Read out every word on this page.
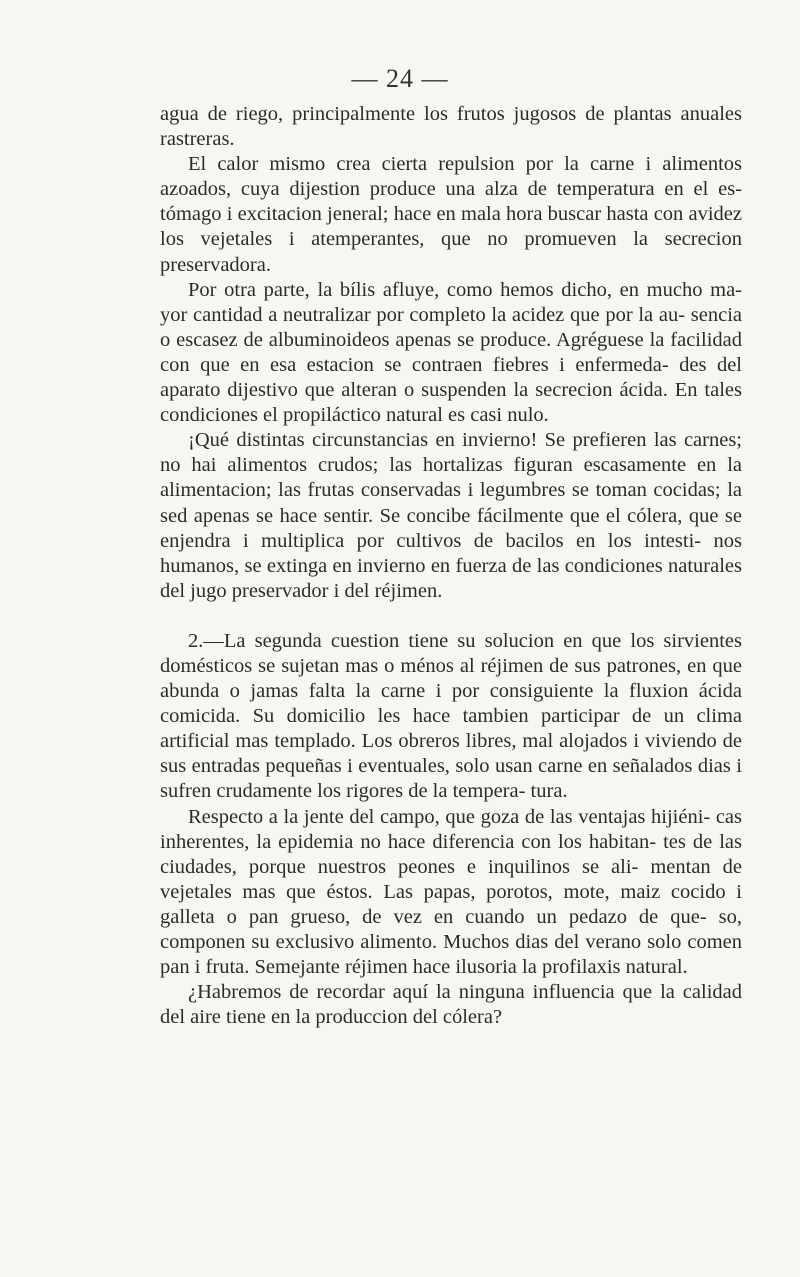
— 24 —

agua de riego, principalmente los frutos jugosos de plantas anuales rastreras.

El calor mismo crea cierta repulsion por la carne i alimentos azoados, cuya dijestion produce una alza de temperatura en el es- tómago i excitacion jeneral; hace en mala hora buscar hasta con avidez los vejetales i atemperantes, que no promueven la secrecion preservadora.

Por otra parte, la bílis afluye, como hemos dicho, en mucho ma- yor cantidad a neutralizar por completo la acidez que por la au- sencia o escasez de albuminoideos apenas se produce. Agréguese la facilidad con que en esa estacion se contraen fiebres i enfermeda- des del aparato dijestivo que alteran o suspenden la secrecion ácida. En tales condiciones el propiláctico natural es casi nulo.

¡Qué distintas circunstancias en invierno! Se prefieren las carnes; no hai alimentos crudos; las hortalizas figuran escasamente en la alimentacion; las frutas conservadas i legumbres se toman cocidas; la sed apenas se hace sentir. Se concibe fácilmente que el cólera, que se enjendra i multiplica por cultivos de bacilos en los intesti- nos humanos, se extinga en invierno en fuerza de las condiciones naturales del jugo preservador i del réjimen.

2.—La segunda cuestion tiene su solucion en que los sirvientes domésticos se sujetan mas o ménos al réjimen de sus patrones, en que abunda o jamas falta la carne i por consiguiente la fluxion ácida comicida. Su domicilio les hace tambien participar de un clima artificial mas templado. Los obreros libres, mal alojados i viviendo de sus entradas pequeñas i eventuales, solo usan carne en señalados dias i sufren crudamente los rigores de la tempera- tura.

Respecto a la jente del campo, que goza de las ventajas hijiéni- cas inherentes, la epidemia no hace diferencia con los habitan- tes de las ciudades, porque nuestros peones e inquilinos se ali- mentan de vejetales mas que éstos. Las papas, porotos, mote, maiz cocido i galleta o pan grueso, de vez en cuando un pedazo de que- so, componen su exclusivo alimento. Muchos dias del verano solo comen pan i fruta. Semejante réjimen hace ilusoria la profilaxis natural.

¿Habremos de recordar aquí la ninguna influencia que la calidad del aire tiene en la produccion del cólera?
